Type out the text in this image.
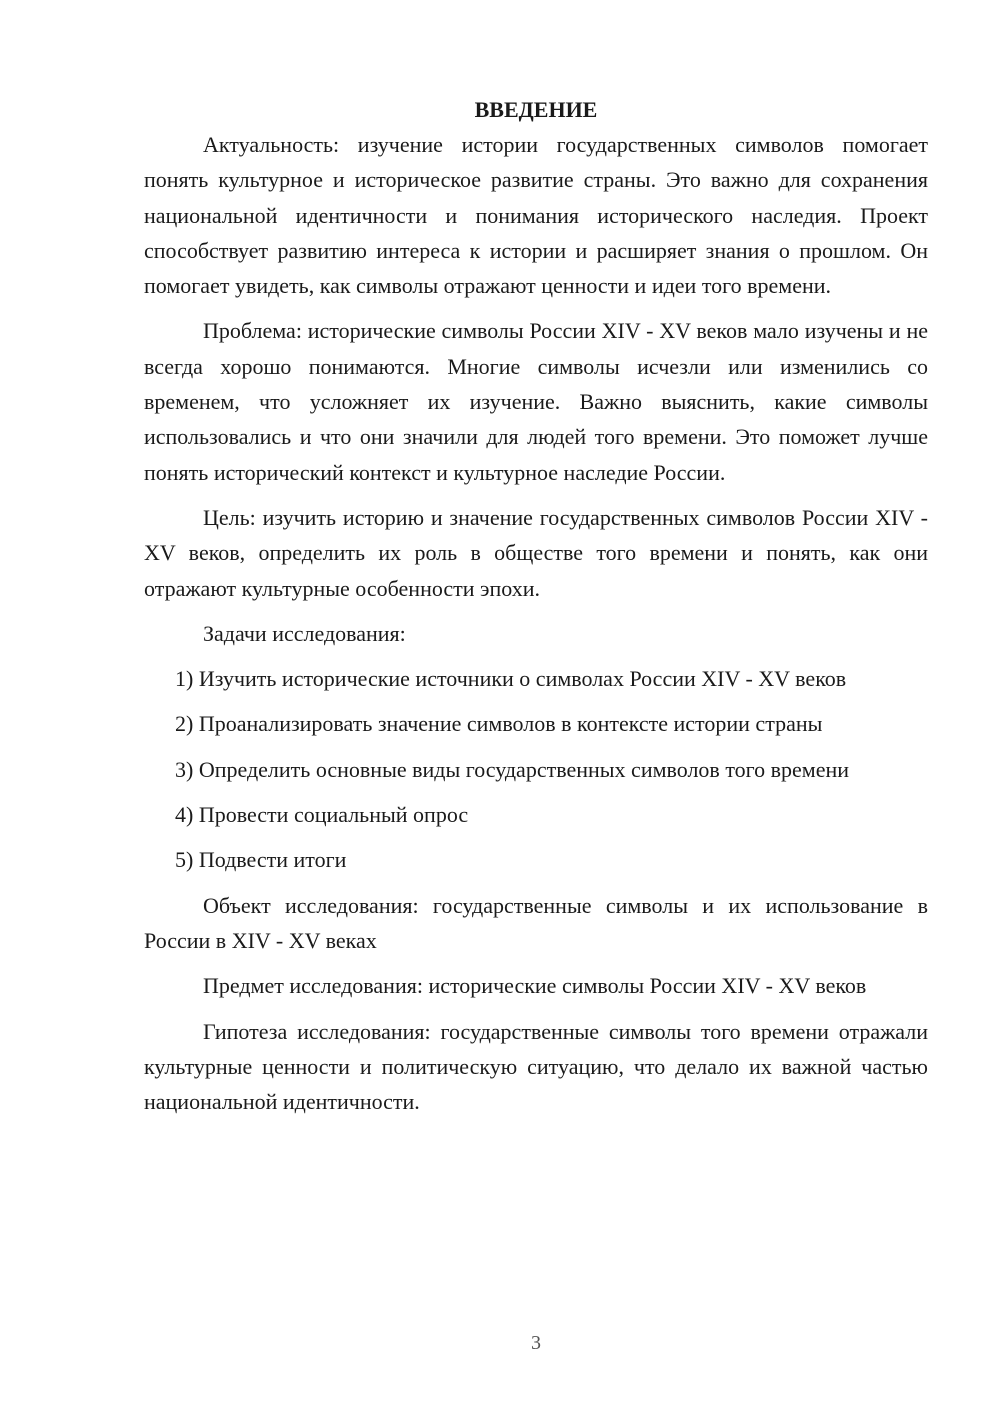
ВВЕДЕНИЕ

Актуальность: изучение истории государственных символов помогает понять культурное и историческое развитие страны. Это важно для сохранения национальной идентичности и понимания исторического наследия. Проект способствует развитию интереса к истории и расширяет знания о прошлом. Он помогает увидеть, как символы отражают ценности и идеи того времени.

Проблема: исторические символы России XIV - XV веков мало изучены и не всегда хорошо понимаются. Многие символы исчезли или изменились со временем, что усложняет их изучение. Важно выяснить, какие символы использовались и что они значили для людей того времени. Это поможет лучше понять исторический контекст и культурное наследие России.

Цель: изучить историю и значение государственных символов России XIV - XV веков, определить их роль в обществе того времени и понять, как они отражают культурные особенности эпохи.

Задачи исследования:

1) Изучить исторические источники о символах России XIV - XV веков

2) Проанализировать значение символов в контексте истории страны

3) Определить основные виды государственных символов того времени

4) Провести социальный опрос

5) Подвести итоги

Объект исследования: государственные символы и их использование в России в XIV - XV веках

Предмет исследования: исторические символы России XIV - XV веков

Гипотеза исследования: государственные символы того времени отражали культурные ценности и политическую ситуацию, что делало их важной частью национальной идентичности.

3
